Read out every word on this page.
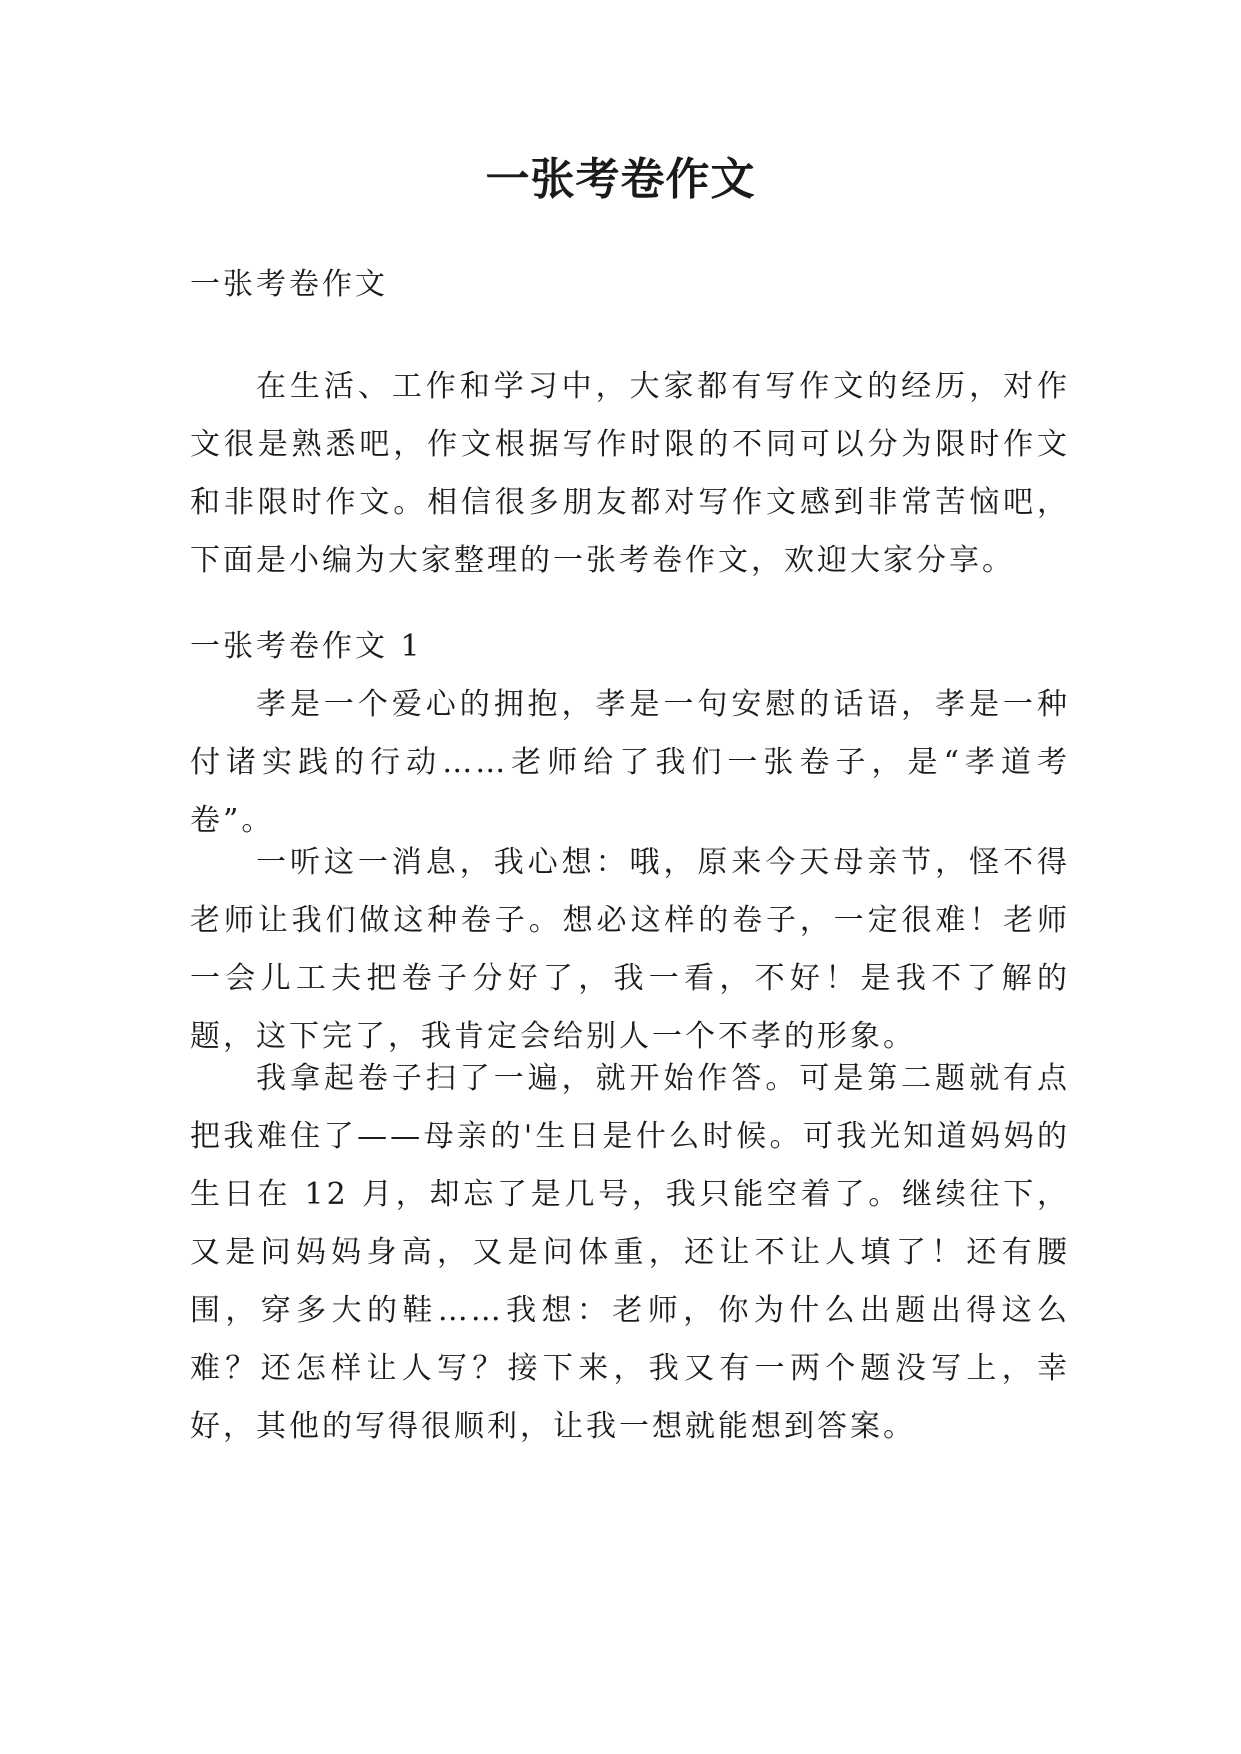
一张考卷作文

一张考卷作文

在生活、工作和学习中，大家都有写作文的经历，对作文很是熟悉吧，作文根据写作时限的不同可以分为限时作文和非限时作文。相信很多朋友都对写作文感到非常苦恼吧，下面是小编为大家整理的一张考卷作文，欢迎大家分享。

一张考卷作文 1

孝是一个爱心的拥抱，孝是一句安慰的话语，孝是一种付诸实践的行动……老师给了我们一张卷子，是“孝道考卷”。

一听这一消息，我心想：哦，原来今天母亲节，怪不得老师让我们做这种卷子。想必这样的卷子，一定很难！老师一会儿工夫把卷子分好了，我一看，不好！是我不了解的题，这下完了，我肯定会给别人一个不孝的形象。

我拿起卷子扫了一遍，就开始作答。可是第二题就有点把我难住了——母亲的'生日是什么时候。可我光知道妈妈的生日在 12 月，却忘了是几号，我只能空着了。继续往下，又是问妈妈身高，又是问体重，还让不让人填了！还有腰围，穿多大的鞋……我想：老师，你为什么出题出得这么难？还怎样让人写？接下来，我又有一两个题没写上，幸好，其他的写得很顺利，让我一想就能想到答案。
